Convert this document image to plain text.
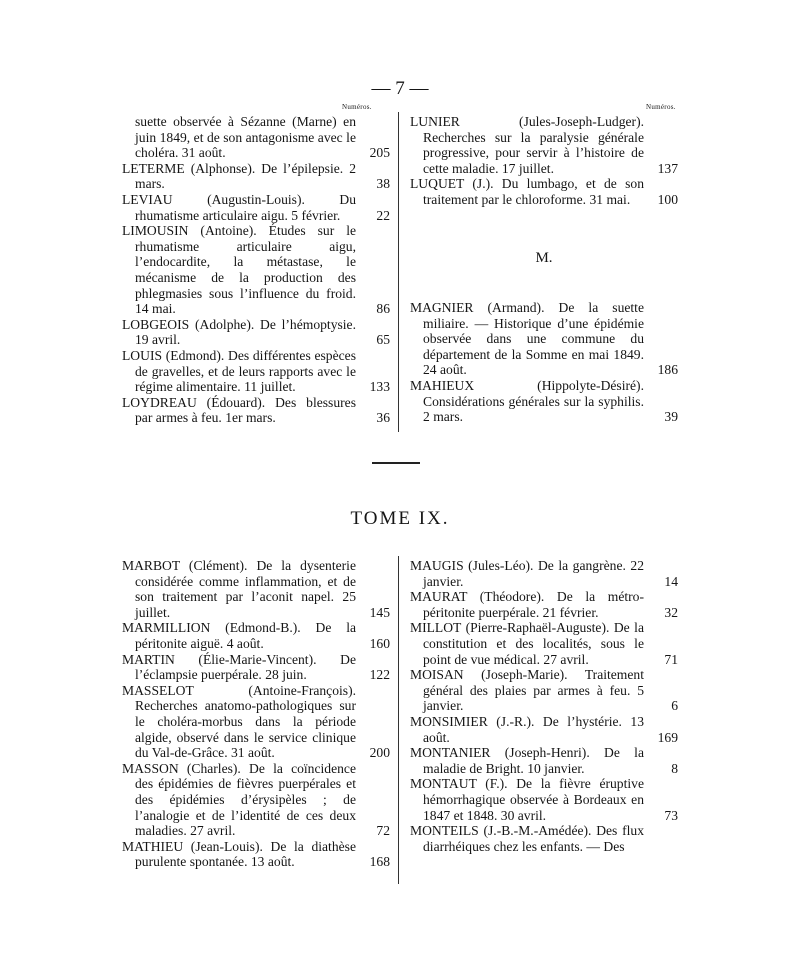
— 7 —
Numéros.	Numéros.
suette observée à Sézanne (Marne) en juin 1849, et de son antagonisme avec le choléra. 31 août.	205
LETERME (Alphonse). De l’épilepsie. 2 mars.	38
LEVIAU (Augustin-Louis). Du rhumatisme articulaire aigu. 5 février.	22
LIMOUSIN (Antoine). Études sur le rhumatisme articulaire aigu, l’endocardite, la métastase, le mécanisme de la production des phlegmasies sous l’influence du froid. 14 mai.	86
LOBGEOIS (Adolphe). De l’hémoptysie. 19 avril.	65
LOUIS (Edmond). Des différentes espèces de gravelles, et de leurs rapports avec le régime alimentaire. 11 juillet.	133
LOYDREAU (Édouard). Des blessures par armes à feu. 1er mars.	36
LUNIER (Jules-Joseph-Ludger). Recherches sur la paralysie générale progressive, pour servir à l’histoire de cette maladie. 17 juillet.	137
LUQUET (J.). Du lumbago, et de son traitement par le chloroforme. 31 mai. 100
M.
MAGNIER (Armand). De la suette miliaire. — Historique d’une épidémie observée dans une commune du département de la Somme en mai 1849. 24 août.	186
MAHIEUX (Hippolyte-Désiré). Considérations générales sur la syphilis. 2 mars.	39
TOME IX.
MARBOT (Clément). De la dysenterie considérée comme inflammation, et de son traitement par l’aconit napel. 25 juillet.	145
MARMILLION (Edmond-B.). De la péritonite aiguë. 4 août.	160
MARTIN (Élie-Marie-Vincent). De l’éclampsie puerpérale. 28 juin.	122
MASSELOT (Antoine-François). Recherches anatomo-pathologiques sur le choléra-morbus dans la période algide, observé dans le service clinique du Val-de-Grâce. 31 août.	200
MASSON (Charles). De la coïncidence des épidémies de fièvres puerpérales et des épidémies d’érysipèles ; de l’analogie et de l’identité de ces deux maladies. 27 avril.	72
MATHIEU (Jean-Louis). De la diathèse purulente spontanée. 13 août.	168
MAUGIS (Jules-Léo). De la gangrène. 22 janvier.	14
MAURAT (Théodore). De la métro-péritonite puerpérale. 21 février.	32
MILLOT (Pierre-Raphaël-Auguste). De la constitution et des localités, sous le point de vue médical. 27 avril.	71
MOISAN (Joseph-Marie). Traitement général des plaies par armes à feu. 5 janvier.	6
MONSIMIER (J.-R.). De l’hystérie. 13 août.	169
MONTANIER (Joseph-Henri). De la maladie de Bright. 10 janvier.	8
MONTAUT (F.). De la fièvre éruptive hémorrhagique observée à Bordeaux en 1847 et 1848. 30 avril.	73
MONTEILS (J.-B.-M.-Amédée). Des flux diarrhéiques chez les enfants. — Des
